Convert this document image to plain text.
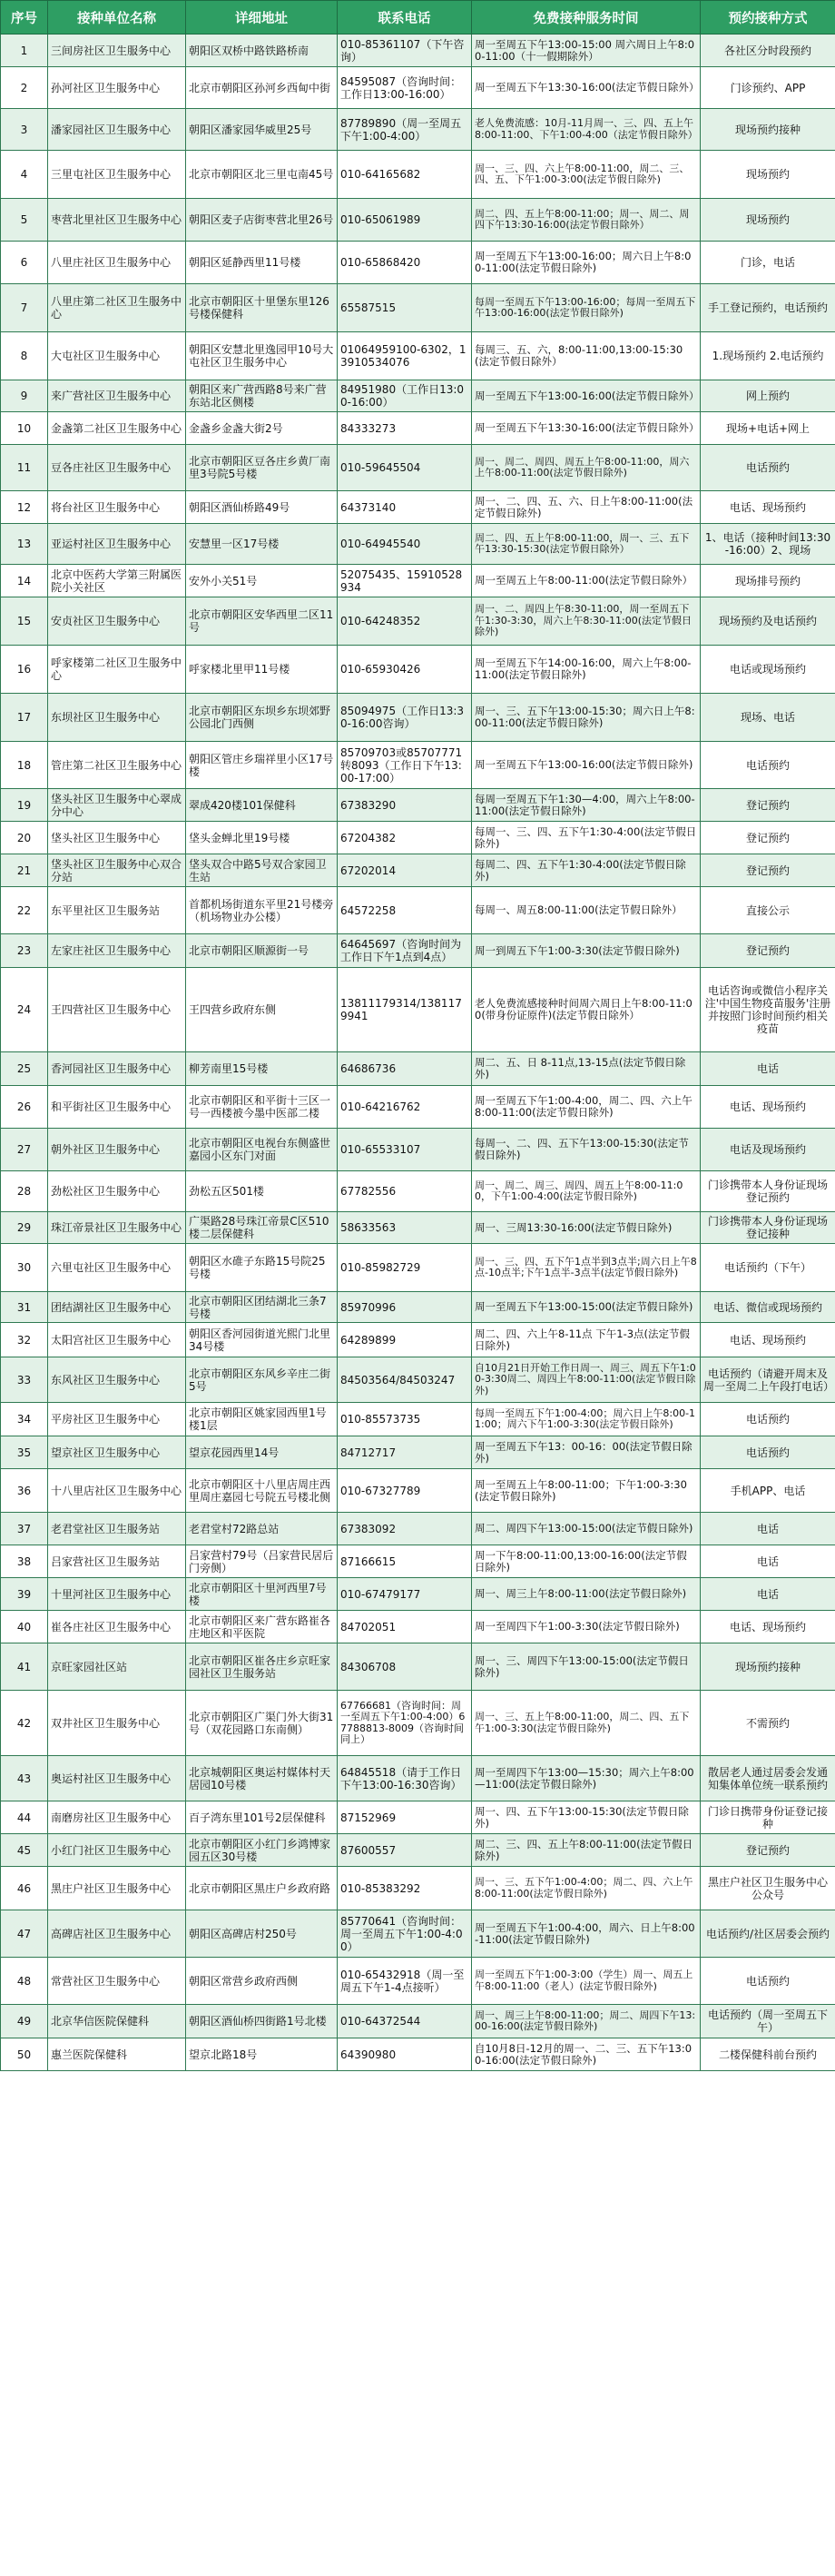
序号	接种单位名称	详细地址	联系电话	免费接种服务时间	预约接种方式
1	三间房社区卫生服务中心	朝阳区双桥中路铁路桥南	010-85361107（下午咨询）	周一至周五下午13:00-15:00 周六周日上午8:00-11:00（十一假期除外）	各社区分时段预约
2	孙河社区卫生服务中心	北京市朝阳区孙河乡西甸中街	84595087（咨询时间：工作日13:00-16:00）	周一至周五下午13:30-16:00(法定节假日除外）	门诊预约、APP
3	潘家园社区卫生服务中心	朝阳区潘家园华威里25号	87789890（周一至周五下午1:00-4:00）	老人免费流感：10月-11月周一、三、四、五上午8:00-11:00、下午1:00-4:00（法定节假日除外）	现场预约接种
4	三里屯社区卫生服务中心	北京市朝阳区北三里屯南45号	010-64165682	周一、三、四、六上午8:00-11:00，周二、三、四、五、下午1:00-3:00(法定节假日除外)	现场预约
5	枣营北里社区卫生服务中心	朝阳区麦子店街枣营北里26号	010-65061989	周二、四、五上午8:00-11:00；周一、周二、周四下午13:30-16:00(法定节假日除外）	现场预约
6	八里庄社区卫生服务中心	朝阳区延静西里11号楼	010-65868420	周一至周五下午13:00-16:00；周六日上午8:00-11:00(法定节假日除外)	门诊，电话
7	八里庄第二社区卫生服务中心	北京市朝阳区十里堡东里126号楼保健科	65587515	每周一至周五下午13:00-16:00；每周一至周五下午13:00-16:00(法定节假日除外)	手工登记预约，电话预约
8	大屯社区卫生服务中心	朝阳区安慧北里逸园甲10号大屯社区卫生服务中心	01064959100-6302，13910534076	每周三、五、六，8:00-11:00,13:00-15:30(法定节假日除外）	1.现场预约 2.电话预约
9	来广营社区卫生服务中心	朝阳区来广营西路8号来广营东站北区侧楼	84951980（工作日13:00-16:00）	周一至周五下午13:00-16:00(法定节假日除外）	网上预约
10	金盏第二社区卫生服务中心	金盏乡金盏大街2号	84333273	周一至周五下午13:30-16:00(法定节假日除外）	现场+电话+网上
11	豆各庄社区卫生服务中心	北京市朝阳区豆各庄乡黄厂南里3号院5号楼	010-59645504	周一、周二、周四、周五上午8:00-11:00，周六上午8:00-11:00(法定节假日除外)	电话预约
12	将台社区卫生服务中心	朝阳区酒仙桥路49号	64373140	周一、二、四、五、六、日上午8:00-11:00(法定节假日除外)	电话、现场预约
13	亚运村社区卫生服务中心	安慧里一区17号楼	010-64945540	周二、四、五上午8:00-11:00，周一、三、五下午13:30-15:30(法定节假日除外）	1、电话（接种时间13:30-16:00）2、现场
14	北京中医药大学第三附属医院小关社区	安外小关51号	52075435、15910528934	周一至周五上午8:00-11:00(法定节假日除外）	现场排号预约
15	安贞社区卫生服务中心	北京市朝阳区安华西里二区11号	010-64248352	周一、二、周四上午8:30-11:00，周一至周五下午1:30-3:30，周六上午8:30-11:00(法定节假日除外)	现场预约及电话预约
16	呼家楼第二社区卫生服务中心	呼家楼北里甲11号楼	010-65930426	周一至周五下午14:00-16:00，周六上午8:00-11:00(法定节假日除外)	电话或现场预约
17	东坝社区卫生服务中心	北京市朝阳区东坝乡东坝郊野公园北门西侧	85094975（工作日13:30-16:00咨询）	周一、三、五下午13:00-15:30；周六日上午8:00-11:00(法定节假日除外)	现场、电话
18	管庄第二社区卫生服务中心	朝阳区管庄乡瑞祥里小区17号楼	85709703或85707771转8093（工作日下午13:00-17:00）	周一至周五下午13:00-16:00(法定节假日除外)	电话预约
19	垡头社区卫生服务中心翠成分中心	翠成420楼101保健科	67383290	每周一至周五下午1:30—4:00，周六上午8:00-11:00(法定节假日除外)	登记预约
20	垡头社区卫生服务中心	垡头金蝉北里19号楼	67204382	每周一、三、四、五下午1:30-4:00(法定节假日除外)	登记预约
21	垡头社区卫生服务中心双合分站	垡头双合中路5号双合家园卫生站	67202014	每周二、四、五下午1:30-4:00(法定节假日除外)	登记预约
22	东平里社区卫生服务站	首都机场街道东平里21号楼旁（机场物业办公楼）	64572258	每周一、周五8:00-11:00(法定节假日除外）	直接公示
23	左家庄社区卫生服务中心	北京市朝阳区顺源街一号	64645697（咨询时间为工作日下午1点到4点）	周一到周五下午1:00-3:30(法定节假日除外)	登记预约
24	王四营社区卫生服务中心	王四营乡政府东侧	13811179314/1381179941	老人免费流感接种时间周六周日上午8:00-11:00(带身份证原件)(法定节假日除外）	电话咨询或微信小程序关注'中国生物疫苗服务'注册并按照门诊时间预约相关疫苗
25	香河园社区卫生服务中心	柳芳南里15号楼	64686736	周二、五、日 8-11点,13-15点(法定节假日除外)	电话
26	和平街社区卫生服务中心	北京市朝阳区和平街十三区一号一西楼被今墨中医部二楼	010-64216762	周一至周五下午1:00-4:00，周二、四、六上午8:00-11:00(法定节假日除外)	电话、现场预约
27	朝外社区卫生服务中心	北京市朝阳区电视台东侧盛世嘉园小区东门对面	010-65533107	每周一、二、四、五下午13:00-15:30(法定节假日除外)	电话及现场预约
28	劲松社区卫生服务中心	劲松五区501楼	67782556	周一、周二、周三、周四、周五上午8:00-11:00，下午1:00-4:00(法定节假日除外)	门诊携带本人身份证现场登记预约
29	珠江帝景社区卫生服务中心	广渠路28号珠江帝景C区510楼二层保健科	58633563	周一、三周13:30-16:00(法定节假日除外)	门诊携带本人身份证现场登记接种
30	六里屯社区卫生服务中心	朝阳区水碓子东路15号院25号楼	010-85982729	周一、三、四、五下午1点半到3点半;周六日上午8点-10点半;下午1点半-3点半(法定节假日除外)	电话预约（下午）
31	团结湖社区卫生服务中心	北京市朝阳区团结湖北三条7号楼	85970996	周一至周五下午13:00-15:00(法定节假日除外)	电话、微信或现场预约
32	太阳宫社区卫生服务中心	朝阳区香河园街道光熙门北里34号楼	64289899	周二、四、六上午8-11点 下午1-3点(法定节假日除外)	电话、现场预约
33	东风社区卫生服务中心	北京市朝阳区东风乡辛庄二街5号	84503564/84503247	自10月21日开始工作日周一、周三、周五下午1:00-3:30周二、周四上午8:00-11:00(法定节假日除外)	电话预约（请避开周末及周一至周二上午段打电话）
34	平房社区卫生服务中心	北京市朝阳区姚家园西里1号楼1层	010-85573735	每周一至周五下午1:00-4:00；周六日上午8:00-11:00；周六下午1:00-3:30(法定节假日除外)	电话预约
35	望京社区卫生服务中心	望京花园西里14号	84712717	周一至周五下午13：00-16：00(法定节假日除外)	电话预约
36	十八里店社区卫生服务中心	北京市朝阳区十八里店周庄西里周庄嘉园七号院五号楼北侧	010-67327789	周一至周五上午8:00-11:00；下午1:00-3:30(法定节假日除外)	手机APP、电话
37	老君堂社区卫生服务站	老君堂村72路总站	67383092	周二、周四下午13:00-15:00(法定节假日除外)	电话
38	吕家营社区卫生服务站	吕家营村79号（吕家营民居后门旁侧）	87166615	周一下午8:00-11:00,13:00-16:00(法定节假日除外)	电话
39	十里河社区卫生服务中心	北京市朝阳区十里河西里7号楼	010-67479177	周一、周三上午8:00-11:00(法定节假日除外)	电话
40	崔各庄社区卫生服务中心	北京市朝阳区来广营东路崔各庄地区和平医院	84702051	周一至周四下午1:00-3:30(法定节假日除外)	电话、现场预约
41	京旺家园社区站	北京市朝阳区崔各庄乡京旺家园社区卫生服务站	84306708	周一、三、周四下午13:00-15:00(法定节假日除外)	现场预约接种
42	双井社区卫生服务中心	北京市朝阳区广渠门外大街31号（双花园路口东南侧）	67766681（咨询时间：周一至周五下午1:00-4:00）67788813-8009（咨询时间同上）	周一、三、五上午8:00-11:00，周二、四、五下午1:00-3:30(法定节假日除外)	不需预约
43	奥运村社区卫生服务中心	北京城朝阳区奥运村媒体村天居园10号楼	64845518（请于工作日下午13:00-16:30咨询）	周一至周四下午13:00—15:30；周六上午8:00—11:00(法定节假日除外)	散居老人通过居委会发通知集体单位统一联系预约
44	南磨房社区卫生服务中心	百子湾东里101号2层保健科	87152969	周一、四、五下午13:00-15:30(法定节假日除外)	门诊日携带身份证登记接种
45	小红门社区卫生服务中心	北京市朝阳区小红门乡鸿博家园五区30号楼	87600557	周二、三、四、五上午8:00-11:00(法定节假日除外)	登记预约
46	黑庄户社区卫生服务中心	北京市朝阳区黑庄户乡政府路	010-85383292	周一、三、五下午1:00-4:00；周二、四、六上午8:00-11:00(法定节假日除外)	黑庄户社区卫生服务中心公众号
47	高碑店社区卫生服务中心	朝阳区高碑店村250号	85770641（咨询时间：周一至周五下午1:00-4:00）	周一至周五下午1:00-4:00，周六、日上午8:00-11:00(法定节假日除外)	电话预约/社区居委会预约
48	常营社区卫生服务中心	朝阳区常营乡政府西侧	010-65432918（周一至周五下午1-4点接听）	周一至周五下午1:00-3:00（学生）周一、周五上午8:00-11:00（老人）(法定节假日除外)	电话预约
49	北京华信医院保健科	朝阳区酒仙桥四街路1号北楼	010-64372544	周一、周三上午8:00-11:00；周二、周四下午13:00-16:00(法定节假日除外)	电话预约（周一至周五下午）
50	惠兰医院保健科	望京北路18号	64390980	自10月8日-12月的周一、二、三、五下午13:00-16:00(法定节假日除外)	二楼保健科前台预约
